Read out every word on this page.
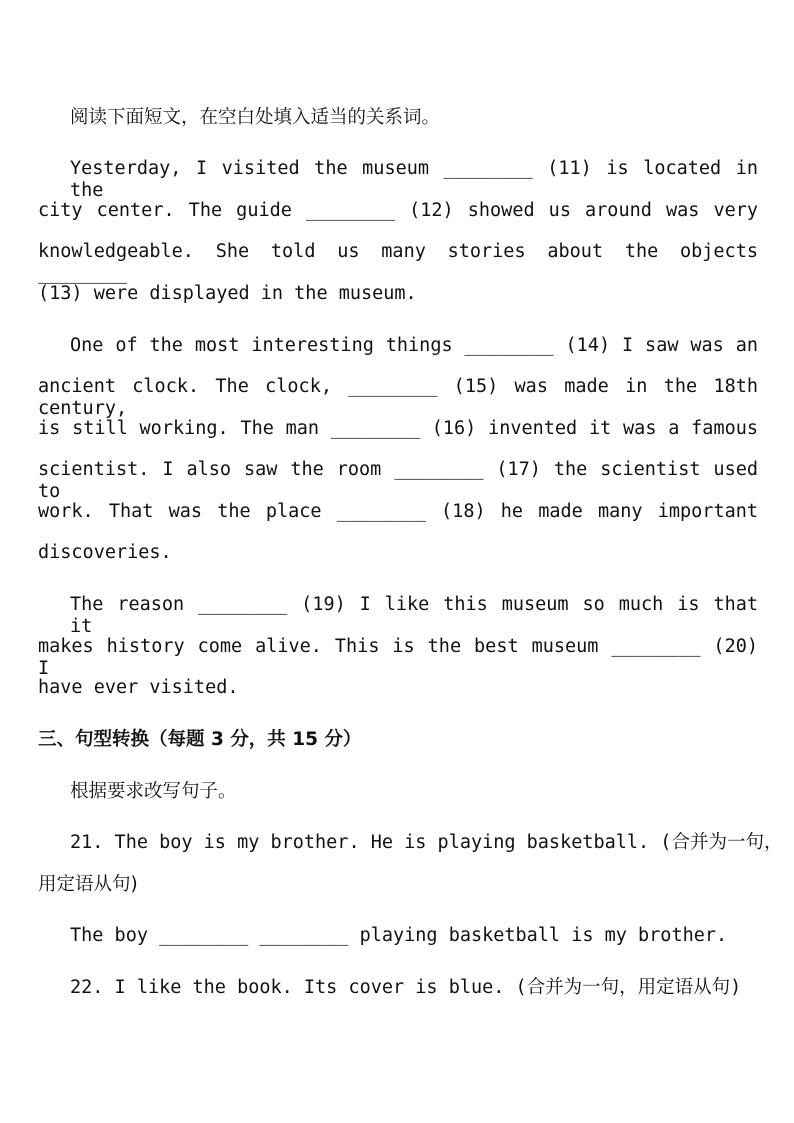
阅读下面短文，在空白处填入适当的关系词。
Yesterday, I visited the museum ________ (11) is located in the
city center. The guide ________ (12) showed us around was very
knowledgeable. She told us many stories about the objects ________
(13) were displayed in the museum.
One of the most interesting things ________ (14) I saw was an
ancient clock. The clock, ________ (15) was made in the 18th century,
is still working. The man ________ (16) invented it was a famous
scientist. I also saw the room ________ (17) the scientist used to
work. That was the place ________ (18) he made many important
discoveries.
The reason ________ (19) I like this museum so much is that it
makes history come alive. This is the best museum ________ (20) I
have ever visited.
三、句型转换（每题 3 分，共 15 分）
根据要求改写句子。
21. The boy is my brother. He is playing basketball. (合并为一句，
用定语从句)
The boy ________ ________ playing basketball is my brother.
22. I like the book. Its cover is blue. (合并为一句，用定语从句)
